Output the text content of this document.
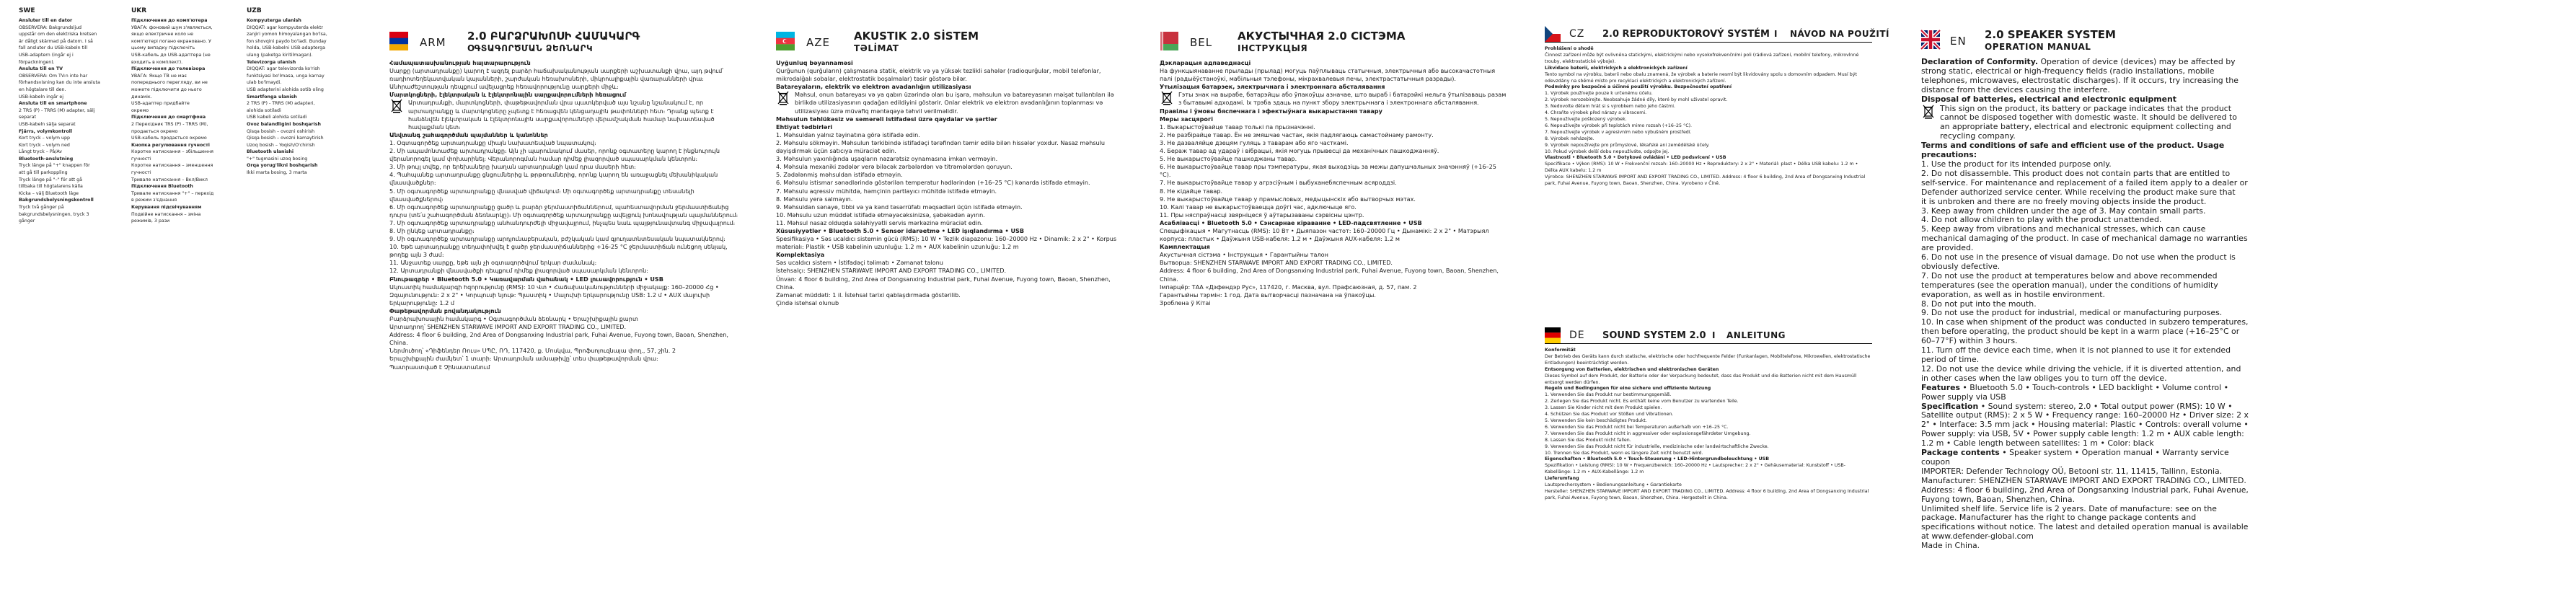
SWE
Ansluter till en dator
OBSERVERA: Bakgrundsljud
uppstår om den elektriska kretsen
är dåligt skärmad på datorn. I så
fall ansluter du USB-kabeln till
USB-adaptern (ingår ej i
förpackningen).
Ansluta till en TV
OBSERVERA: Om TV:n inte har
förhandsvisning kan du inte ansluta
en högtalare till den.
USB-kabeln ingår ej
Ansluta till en smartphone
2 TRS (P) - TRRS (M) adapter, sälj
separat
USB-kabeln sälja separat
Fjärrs, volymkontroll
Kort tryck – volym upp
Kort tryck – volym ned
Långt tryck – På/Av
Bluetooth-anslutning
Tryck länge på "+" knappen för
att gå till parkoppling
Tryck länge på "–" för att gå
tillbaka till högtalarens källa
Kicka – välj Bluetooth läge
Bakgrundsbelysningskontroll
Tryck två gånger på
bakgrundsbelysningen, tryck 3
gånger
UKR
Підключення до комп'ютера
УВАГА: фоновий шум з'являється,
якщо електричне коло не
комп'ютері погано екрановано. У
цьому випадку підключіть
USB-кабель до USB-адаптера (не
входить в комплект).
Підключення до телевізора
УВАГА: Якщо ТВ не має
попереднього перегляду, ви не
можете підключити до нього
динамік.
USB-адаптер придбайте
окремо
Підключення до смартфона
2 Перехідник TRS (P) - TRRS (M),
продається окремо
USB-кабель продається окремо
Кнопка регулювання гучності
Коротке натискання – збільшення
гучності
Коротке натискання – зменшення
гучності
Тривале натискання – Вкл/Викл
Підключення Bluetooth
Тривале натискання "+" – перехід
в режим з'єднання
Керування підсвічуванням
Подвійне натискання – зміна
режимів, 3 рази
UZB
Kompyuterga ulanish
DIQQAT: agar kompyuterda elektr
zanjiri yomon himoyalangan bo'lsa,
fon shovqini paydo bo'ladi. Bunday
holda, USB-kabelni USB-adapterga
ulang (paketga kiritilmagan).
Televizorga ulanish
DIQQAT: agar televizorda ko'rish
funktsiyasi bo'lmasa, unga karnay
ulab bo'lmaydi.
USB adapterini alohida sotib oling
Smartfonga ulanish
2 TRS (P) - TRRS (M) adapteri,
alohida sotiladi
USB kabeli alohida sotiladi
Ovoz balandligini boshqarish
Qisqa bosish – ovozni oshirish
Qisqa bosish – ovozni kamaytirish
Uzoq bosish – Yoqish/O'chirish
Bluetooth ulanishi
"+" tugmasini uzoq bosing
Orqa yorug'likni boshqarish
Ikki marta bosing, 3 marta
ARM 2.0 ԲԱՐՁՐԱԽՈՍԻ ՀԱՄԱԿԱՐԳ
ՕԳՏԱԳՈՐԾՄԱՆ ՁԵՌՆԱՐԿ

Համապատասխանության հայտարարություն

Սարքը (արտադրանքը) կարող է ազդել բարձր հաճախականության սարքերի աշխատանքի վրա, այդ թվում՝ ռադիոտեղեկատվական կայանների, շարժական հեռախոսների, միկրոալիքային վառարանների վրա։ Անհրաժեշտության դեպքում ավելացրեք հեռավորությունը սարքերի միջև։

Մարտկոցների, էլեկտրական և էլեկտրոնային սարքավորումների հեռացում

Արտադրանքի, մարտկոցների, փաթեթավորման վրա պատկերված այս նշանը նշանակում է, որ արտադրանքը և մարտկոցները չպետք է հեռացվեն կենցաղային թափոնների հետ։ Դրանք պետք է հանձնվեն էլեկտրական և էլեկտրոնային սարքավորումների վերամշակման համար նախատեսված հավաքման կետ։

Անվտանգ շահագործման պայմաններ և կանոններ

1. Օգտագործեք արտադրանքը միայն նախատեսված նպատակով։

2. Մի ապամոնտաժեք արտադրանքը։ Այն չի պարունակում մասեր, որոնք օգտատերը կարող է ինքնուրույն վերանորոգել կամ փոխարինել։ Վերանորոգման համար դիմեք լիազորված սպասարկման կենտրոն։

3. Մի թույլ տվեք, որ երեխաները խաղան արտադրանքի կամ դրա մասերի հետ։

4. Պահպանեք արտադրանքը ցնցումներից և թրթռումներից, որոնք կարող են առաջացնել մեխանիկական վնասվածքներ։

5. Մի օգտագործեք արտադրանքը վնասված վիճակում։ Մի օգտագործեք արտադրանքը տեսանելի վնասվածքներով։

6. Մի օգտագործեք արտադրանքը ցածր և բարձր ջերմաստիճաններում, պահեստավորման ջերմաստիճանից դուրս (տե՛ս շահագործման ձեռնարկը)։ Մի օգտագործեք արտադրանքը ավելցուկ խոնավության պայմաններում։

7. Մի օգտագործեք արտադրանքը անհանդուրժելի միջավայրում, ինչպես նաև պայթյունավտանգ միջավայրում։

8. Մի ընկեք արտադրանքը։

9. Մի օգտագործեք արտադրանքը արդյունաբերական, բժշկական կամ գյուղատնտեսական նպատակներով։

10. Եթե արտադրանքը տեղափոխվել է ցածր ջերմաստիճաններից +16-25 °C ջերմաստիճան ունեցող սենյակ, թողեք այն 3 ժամ։

11. Անջատեք սարքը, եթե այն չի օգտագործվում երկար ժամանակ։

12. Արտադրանքի վնասվածքի դեպքում դիմեք լիազորված սպասարկման կենտրոն։

Բնութագրեր • Bluetooth 5.0 • Կառավարման վահանակ • LED լուսավորություն • USB

Ակուստիկ համակարգի հզորությունը (RMS): 10 Վտ • Հաճախականությունների միջակայք: 160–20000 Հց • Զգայունություն: 2 x 2" • Կորպուսի նյութ: Պլաստիկ • Մալուխի երկարությունը USB: 1.2 մ • AUX մալուխի երկարությունը: 1.2 մ

Փաթեթավորման բովանդակություն

Բարձրախոսային համակարգ • Օգտագործման ձեռնարկ • Երաշխիքային քարտ

Արտադրող՝ SHENZHEN STARWAVE IMPORT AND EXPORT TRADING CO., LIMITED.

Address: 4 floor 6 building, 2nd Area of Dongsanxing Industrial park, Fuhai Avenue, Fuyong town, Baoan, Shenzhen, China.

Ներմուծող՝ «Դիֆենդեր Ռուս» ՍՊԸ, ՌԴ, 117420, ք. Մոսկվա, Պրոֆսոյուզնայա փող., 57, շին. 2

Երաշխիքային ժամկետ՝ 1 տարի։ Արտադրման ամսաթիվը՝ տես փաթեթավորման վրա։

Պատրաստված է Չինաստանում

AZE AKUSTIK 2.0 SİSTEM
TƏLİMAT

Uyğunluq bəyannaməsi

Qurğunun (qurğuların) çalışmasına statik, elektrik və ya yüksək tezlikli sahələr (radioqurğular, mobil telefonlar, mikrodalğalı sobalar, elektrostatik boşalmalar) təsir göstərə bilər.

Batareyaların, elektrik və elektron avadanlığın utilizasiyası

Məhsul, onun batareyası və ya qabın üzərində olan bu işarə, məhsulun və batareyasının məişət tullantıları ilə birlikdə utilizasiyasının qadağan edildiyini göstərir. Onlar elektrik və elektron avadanlığının toplanması və utilizasiyası üzrə müvafiq məntəqəyə təhvil verilməlidir.

Məhsulun təhlükəsiz və səmərəli istifadəsi üzrə qaydalar və şərtlər

Ehtiyat tədbirləri

1. Məhsuldan yalnız təyinatına görə istifadə edin.

2. Məhsulu sökməyin. Məhsulun tərkibində istifadəçi tərəfindən təmir edilə bilən hissələr yoxdur. Nasaz məhsulu dəyişdirmək üçün satıcıya müraciət edin.

3. Məhsulun yaxınlığında uşaqların nəzarətsiz oynamasına imkan verməyin.

4. Məhsula mexaniki zədələr verə biləcək zərbələrdən və titrəmələrdən qoruyun.

5. Zədələnmiş məhsuldan istifadə etməyin.

6. Məhsulu istismar sənədlərində göstərilən temperatur hədlərindən (+16–25 °C) kənarda istifadə etməyin.

7. Məhsulu aqressiv mühitdə, həmçinin partlayıcı mühitdə istifadə etməyin.

8. Məhsulu yerə salmayın.

9. Məhsuldan sənaye, tibbi və ya kənd təsərrüfatı məqsədləri üçün istifadə etməyin.

10. Məhsulu uzun müddət istifadə etməyəcəksinizsə, şəbəkədən ayırın.

11. Məhsul nasaz olduqda səlahiyyətli servis mərkəzinə müraciət edin.

Xüsusiyyətlər • Bluetooth 5.0 • Sensor idarəetmə • LED işıqlandırma • USB

Spesifikasiya • Səs ucaldıcı sistemin gücü (RMS): 10 W • Tezlik diapazonu: 160–20000 Hz • Dinamik: 2 x 2" • Korpus materialı: Plastik • USB kabelinin uzunluğu: 1.2 m • AUX kabelinin uzunluğu: 1.2 m

Komplektasiya

Səs ucaldıcı sistem • İstifadəçi təlimatı • Zəmanət talonu

İstehsalçı: SHENZHEN STARWAVE IMPORT AND EXPORT TRADING CO., LIMITED.

Ünvan: 4 floor 6 building, 2nd Area of Dongsanxing Industrial park, Fuhai Avenue, Fuyong town, Baoan, Shenzhen, China.

Zəmanət müddəti: 1 il. İstehsal tarixi qablaşdırmada göstərilib.

Çində istehsal olunub

BEL АКУСТЫЧНАЯ 2.0 СІСТЭМА
ІНСТРУКЦЫЯ

Дэкларацыя адпаведнасці

На функцыянаванне прылады (прылад) могуць паўплываць статычныя, электрычныя або высокачастотныя палі (радыёўстаноўкі, мабільныя тэлефоны, мікрахвалевыя печы, электрастатычныя разрады).

Утылізацыя батарэек, электрычнага і электроннага абсталявання

Гэты знак на вырабе, батарэйцы або ўпакоўцы азначае, што выраб і батарэйкі нельга ўтылізаваць разам з бытавымі адходамі. Іх трэба здаць на пункт збору электрычнага і электроннага абсталявання.

Правілы і ўмовы бяспечнага і эфектыўнага выкарыстання тавару

Меры засцярогі

1. Выкарыстоўвайце тавар толькі па прызначэнні.

2. Не разбірайце тавар. Ён не змяшчае частак, якія падлягаюць самастойнаму рамонту.

3. Не дазваляйце дзецям гуляць з таварам або яго часткамі.

4. Бераж тавар ад удараў і вібрацыі, якія могуць прывесці да механічных пашкоджанняў.

5. Не выкарыстоўвайце пашкоджаны тавар.

6. Не выкарыстоўвайце тавар пры тэмпературы, якая выходзіць за межы дапушчальных значэнняў (+16–25 °C).

7. Не выкарыстоўвайце тавар у агрэсіўным і выбуханебяспечным асяроддзі.

8. Не кідайце тавар.

9. Не выкарыстоўвайце тавар у прамысловых, медыцынскіх або вытворчых мэтах.

10. Калі тавар не выкарыстоўваецца доўгі час, адключыце яго.

11. Пры няспраўнасці звярніцеся ў аўтарызаваны сэрвісны цэнтр.

Асаблівасці • Bluetooth 5.0 • Сэнсарнае кіраванне • LED-падсвятленне • USB

Спецыфікацыя • Магутнасць (RMS): 10 Вт • Дыяпазон частот: 160–20000 Гц • Дынамікі: 2 x 2" • Матэрыял корпуса: пластык • Даўжыня USB-кабеля: 1.2 м • Даўжыня AUX-кабеля: 1.2 м

Камплектацыя

Акустычная сістэма • Інструкцыя • Гарантыйны талон

Вытворца: SHENZHEN STARWAVE IMPORT AND EXPORT TRADING CO., LIMITED.

Address: 4 floor 6 building, 2nd Area of Dongsanxing Industrial park, Fuhai Avenue, Fuyong town, Baoan, Shenzhen, China.

Імпарцёр: ТАА «Дэфендэр Рус», 117420, г. Масква, вул. Прафсаюзная, д. 57, пам. 2

Гарантыйны тэрмін: 1 год. Дата вытворчасці пазначана на ўпакоўцы.

Зроблена ў Кітаі

CZ 2.0 REPRODUKTOROVÝ SYSTÉM I NÁVOD NA POUŽITÍ

Prohlášení o shodě

Činnost zařízení může být ovlivněna statickými, elektrickými nebo vysokofrekvenčními poli (rádiová zařízení, mobilní telefony, mikrovlnné trouby, elektrostatické výboje).

Likvidace baterií, elektrických a elektronických zařízení

Tento symbol na výrobku, baterii nebo obalu znamená, že výrobek a baterie nesmí být likvidovány spolu s domovním odpadem. Musí být odevzdány na sběrné místo pro recyklaci elektrických a elektronických zařízení.

Podmínky pro bezpečné a účinné použití výrobku. Bezpečnostní opatření

1. Výrobek používejte pouze k určenému účelu.

2. Výrobek nerozebírejte. Neobsahuje žádné díly, které by mohl uživatel opravit.

3. Nedovolte dětem hrát si s výrobkem nebo jeho částmi.

4. Chraňte výrobek před nárazy a vibracemi.

5. Nepoužívejte poškozený výrobek.

6. Nepoužívejte výrobek při teplotách mimo rozsah (+16–25 °C).

7. Nepoužívejte výrobek v agresivním nebo výbušném prostředí.

8. Výrobek neházejte.

9. Výrobek nepoužívejte pro průmyslové, lékařské ani zemědělské účely.

10. Pokud výrobek delší dobu nepoužíváte, odpojte jej.

Vlastnosti • Bluetooth 5.0 • Dotykové ovládání • LED podsvícení • USB

Specifikace • Výkon (RMS): 10 W • Frekvenční rozsah: 160–20000 Hz • Reproduktory: 2 x 2" • Materiál: plast • Délka USB kabelu: 1.2 m • Délka AUX kabelu: 1.2 m

Výrobce: SHENZHEN STARWAVE IMPORT AND EXPORT TRADING CO., LIMITED. Address: 4 floor 6 building, 2nd Area of Dongsanxing Industrial park, Fuhai Avenue, Fuyong town, Baoan, Shenzhen, China. Vyrobeno v Číně.

DE SOUND SYSTEM 2.0 I ANLEITUNG

Konformität

Der Betrieb des Geräts kann durch statische, elektrische oder hochfrequente Felder (Funkanlagen, Mobiltelefone, Mikrowellen, elektrostatische Entladungen) beeinträchtigt werden.

Entsorgung von Batterien, elektrischen und elektronischen Geräten

Dieses Symbol auf dem Produkt, der Batterie oder der Verpackung bedeutet, dass das Produkt und die Batterien nicht mit dem Hausmüll entsorgt werden dürfen.

Regeln und Bedingungen für eine sichere und effiziente Nutzung

1. Verwenden Sie das Produkt nur bestimmungsgemäß.

2. Zerlegen Sie das Produkt nicht. Es enthält keine vom Benutzer zu wartenden Teile.

3. Lassen Sie Kinder nicht mit dem Produkt spielen.

4. Schützen Sie das Produkt vor Stößen und Vibrationen.

5. Verwenden Sie kein beschädigtes Produkt.

6. Verwenden Sie das Produkt nicht bei Temperaturen außerhalb von +16–25 °C.

7. Verwenden Sie das Produkt nicht in aggressiver oder explosionsgefährdeter Umgebung.

8. Lassen Sie das Produkt nicht fallen.

9. Verwenden Sie das Produkt nicht für industrielle, medizinische oder landwirtschaftliche Zwecke.

10. Trennen Sie das Produkt, wenn es längere Zeit nicht benutzt wird.

Eigenschaften • Bluetooth 5.0 • Touch-Steuerung • LED-Hintergrundbeleuchtung • USB

Spezifikation • Leistung (RMS): 10 W • Frequenzbereich: 160–20000 Hz • Lautsprecher: 2 x 2" • Gehäusematerial: Kunststoff • USB-Kabellänge: 1.2 m • AUX-Kabellänge: 1.2 m

Lieferumfang

Lautsprechersystem • Bedienungsanleitung • Garantiekarte

Hersteller: SHENZHEN STARWAVE IMPORT AND EXPORT TRADING CO., LIMITED. Address: 4 floor 6 building, 2nd Area of Dongsanxing Industrial park, Fuhai Avenue, Fuyong town, Baoan, Shenzhen, China. Hergestellt in China.

EN 2.0 SPEAKER SYSTEM
OPERATION MANUAL

Declaration of Conformity. Operation of device (devices) may be affected by strong static, electrical or high-frequency fields (radio installations, mobile telephones, microwaves, electrostatic discharges). If it occurs, try increasing the distance from the devices causing the interfere.

Disposal of batteries, electrical and electronic equipment

This sign on the product, its battery or package indicates that the product cannot be disposed together with domestic waste. It should be delivered to an appropriate battery, electrical and electronic equipment collecting and recycling company.

Terms and conditions of safe and efficient use of the product. Usage precautions:

1. Use the product for its intended purpose only.

2. Do not disassemble. This product does not contain parts that are entitled to self-service. For maintenance and replacement of a failed item apply to a dealer or Defender authorized service center. While receiving the product make sure that

it is unbroken and there are no freely moving objects inside the product.

3. Keep away from children under the age of 3. May contain small parts.

4. Do not allow children to play with the product unattended.

5. Keep away from vibrations and mechanical stresses, which can cause mechanical damaging of the product. In case of mechanical damage no warranties are provided.

6. Do not use in the presence of visual damage. Do not use when the product is obviously defective.

7. Do not use the product at temperatures below and above recommended temperatures (see the operation manual), under the conditions of humidity evaporation, as well as in hostile environment.

8. Do not put into the mouth.

9. Do not use the product for industrial, medical or manufacturing purposes.

10. In case when shipment of the product was conducted in subzero temperatures, then before operating, the product should be kept in a warm place (+16–25°C or 60–77°F) within 3 hours.

11. Turn off the device each time, when it is not planned to use it for extended period of time.

12. Do not use the device while driving the vehicle, if it is diverted attention, and in other cases when the law obliges you to turn off the device.

Features • Bluetooth 5.0 • Touch-controls • LED backlight • Volume control • Power supply via USB

Specification • Sound system: stereo, 2.0 • Total output power (RMS): 10 W • Satellite output (RMS): 2 x 5 W • Frequency range: 160–20000 Hz • Driver size: 2 x 2" • Interface: 3.5 mm jack • Housing material: Plastic • Controls: overall volume • Power supply: via USB, 5V • Power supply cable length: 1.2 m • AUX cable length: 1.2 m • Cable length between satellites: 1 m • Color: black

Package contents • Speaker system • Operation manual • Warranty service coupon

IMPORTER: Defender Technology OÜ, Betooni str. 11, 11415, Tallinn, Estonia. Manufacturer: SHENZHEN STARWAVE IMPORT AND EXPORT TRADING CO., LIMITED. Address: 4 floor 6 building, 2nd Area of Dongsanxing Industrial park, Fuhai Avenue, Fuyong town, Baoan, Shenzhen, China.

Unlimited shelf life. Service life is 2 years. Date of manufacture: see on the package. Manufacturer has the right to change package contents and specifications without notice. The latest and detailed operation manual is available at www.defender-global.com

Made in China.
